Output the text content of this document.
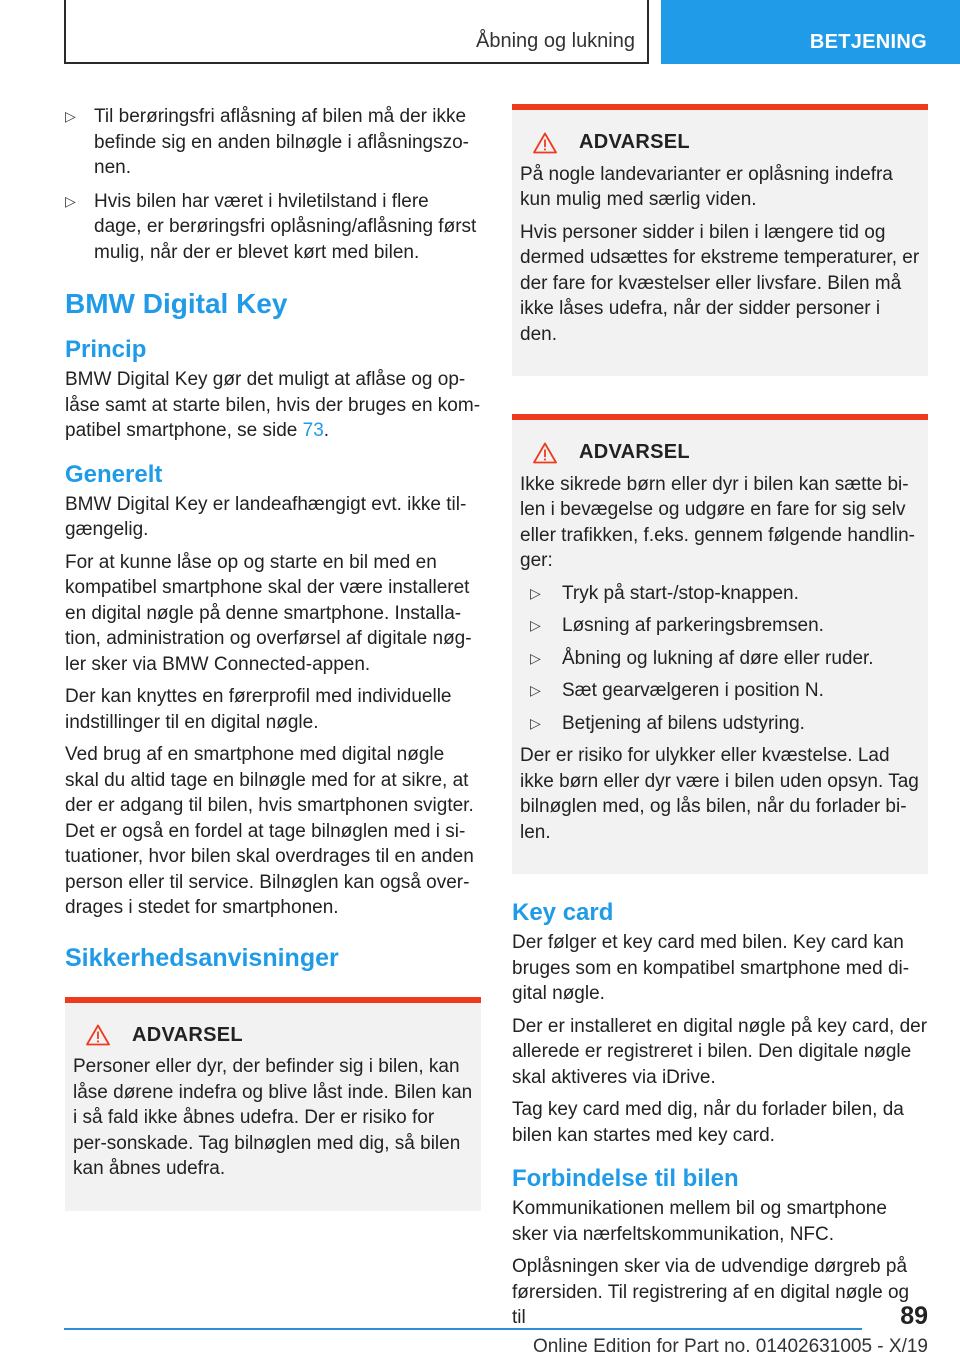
Åbning og lukning	BETJENING
▷ Til berøringsfri aflåsning af bilen må der ikke befinde sig en anden bilnøgle i aflåsningszo-nen.
▷ Hvis bilen har været i hviletilstand i flere dage, er berøringsfri oplåsning/aflåsning først mulig, når der er blevet kørt med bilen.
BMW Digital Key
Princip

BMW Digital Key gør det muligt at aflåse og op-låse samt at starte bilen, hvis der bruges en kom-patibel smartphone, se side 73.

Generelt

BMW Digital Key er landeafhængigt evt. ikke til-gængelig.

For at kunne låse op og starte en bil med en kompatibel smartphone skal der være installeret en digital nøgle på denne smartphone. Installa-tion, administration og overførsel af digitale nøg-ler sker via BMW Connected-appen.

Der kan knyttes en førerprofil med individuelle indstillinger til en digital nøgle.

Ved brug af en smartphone med digital nøgle skal du altid tage en bilnøgle med for at sikre, at der er adgang til bilen, hvis smartphonen svigter. Det er også en fordel at tage bilnøglen med i si-tuationer, hvor bilen skal overdrages til en anden person eller til service. Bilnøglen kan også over-drages i stedet for smartphonen.

Sikkerhedsanvisninger
ADVARSEL

Personer eller dyr, der befinder sig i bilen, kan låse dørene indefra og blive låst inde. Bilen kan i så fald ikke åbnes udefra. Der er risiko for per-sonskade. Tag bilnøglen med dig, så bilen kan åbnes udefra.

ADVARSEL

På nogle landevarianter er oplåsning indefra kun mulig med særlig viden.

Hvis personer sidder i bilen i længere tid og dermed udsættes for ekstreme temperaturer, er der fare for kvæstelser eller livsfare. Bilen må ikke låses udefra, når der sidder personer i den.

ADVARSEL

Ikke sikrede børn eller dyr i bilen kan sætte bi-len i bevægelse og udgøre en fare for sig selv eller trafikken, f.eks. gennem følgende handlin-ger:

▷ Tryk på start-/stop-knappen.
▷ Løsning af parkeringsbremsen.
▷ Åbning og lukning af døre eller ruder.
▷ Sæt gearvælgeren i position N.
▷ Betjening af bilens udstyring.

Der er risiko for ulykker eller kvæstelse. Lad ikke børn eller dyr være i bilen uden opsyn. Tag bilnøglen med, og lås bilen, når du forlader bi-len.

Key card

Der følger et key card med bilen. Key card kan bruges som en kompatibel smartphone med di-gital nøgle.

Der er installeret en digital nøgle på key card, der allerede er registreret i bilen. Den digitale nøgle skal aktiveres via iDrive.

Tag key card med dig, når du forlader bilen, da bilen kan startes med key card.

Forbindelse til bilen

Kommunikationen mellem bil og smartphone sker via nærfeltskommunikation, NFC.

Oplåsningen sker via de udvendige dørgreb på førersiden. Til registrering af en digital nøgle og til	89
Online Edition for Part no. 01402631005 - X/19
